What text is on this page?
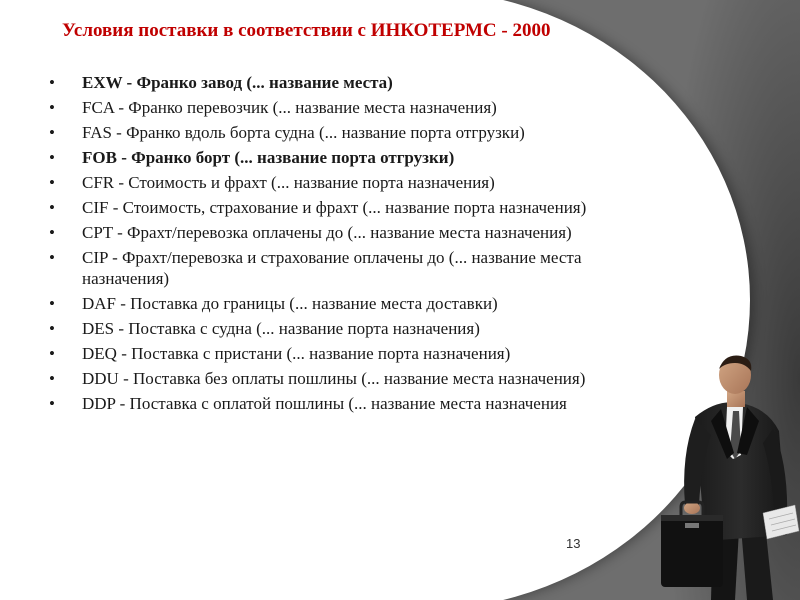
Условия поставки в соответствии с ИНКОТЕРМС - 2000
• EXW - Франко завод (... название места)
• FCA - Франко перевозчик (... название места назначения)
• FAS - Франко вдоль борта судна (... название порта отгрузки)
• FOB - Франко борт (... название порта отгрузки)
• CFR - Стоимость и фрахт (... название порта назначения)
• CIF - Стоимость, страхование и фрахт (... название порта назначения)
• CPT - Фрахт/перевозка оплачены до (... название места назначения)
• CIP - Фрахт/перевозка и страхование оплачены до (... название места назначения)
• DAF - Поставка до границы (... название места доставки)
• DES - Поставка с судна (... название порта назначения)
• DEQ - Поставка с пристани (... название порта назначения)
• DDU - Поставка без оплаты пошлины (... название места назначения)
• DDP - Поставка с оплатой пошлины (... название места назначения
13
